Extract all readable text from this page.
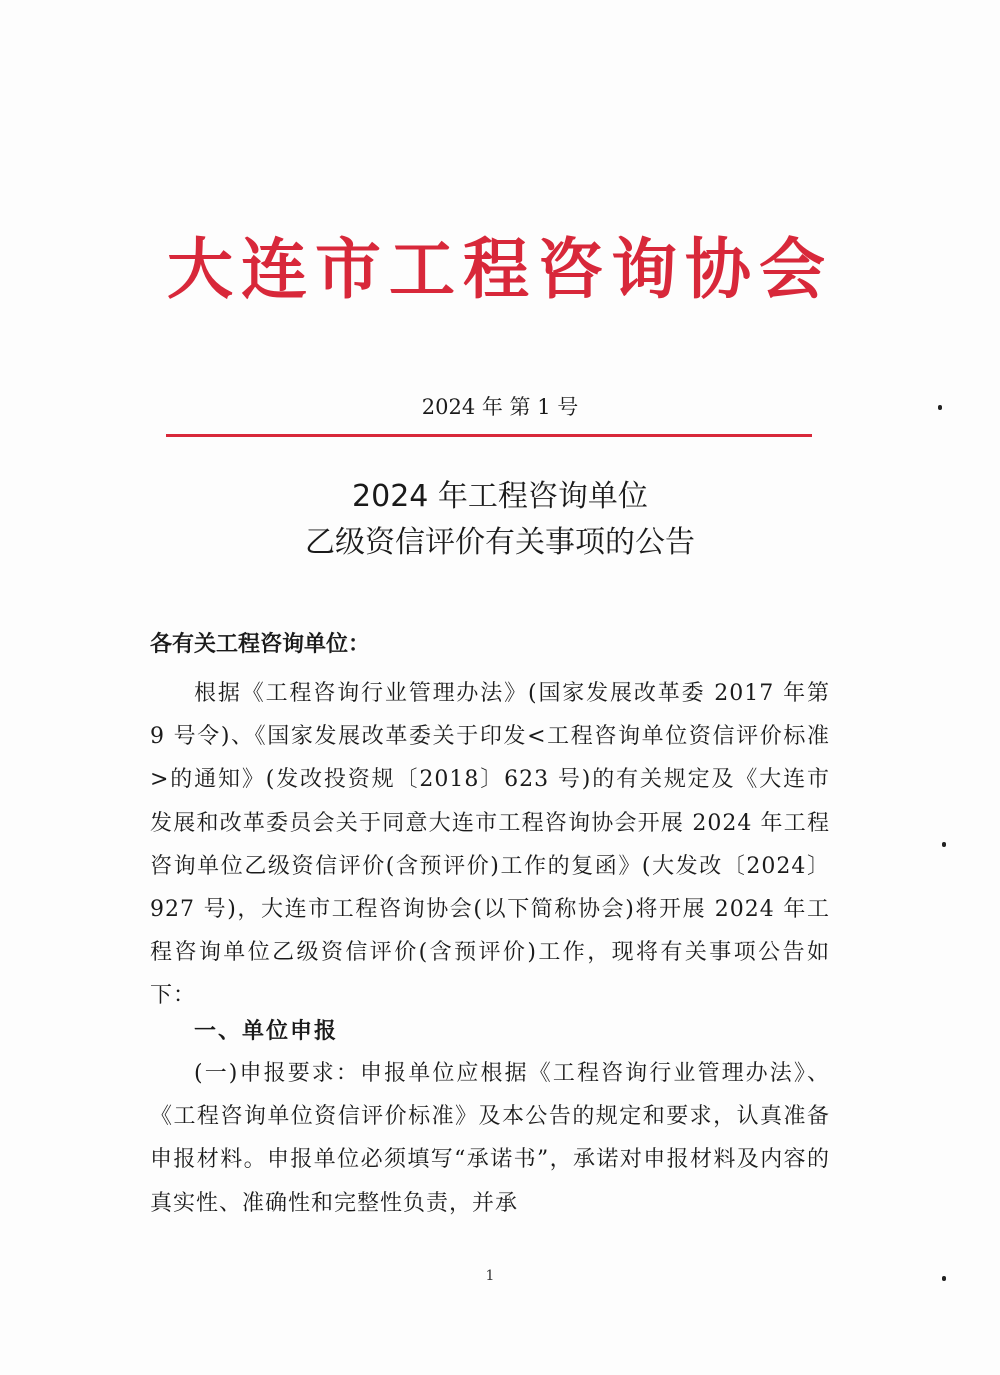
大连市工程咨询协会
2024 年 第 1 号
2024 年工程咨询单位
乙级资信评价有关事项的公告
各有关工程咨询单位：
根据《工程咨询行业管理办法》(国家发展改革委 2017 年第 9 号令)、《国家发展改革委关于印发<工程咨询单位资信评价标准>的通知》(发改投资规〔2018〕623 号)的有关规定及《大连市发展和改革委员会关于同意大连市工程咨询协会开展 2024 年工程咨询单位乙级资信评价(含预评价)工作的复函》(大发改〔2024〕927 号)，大连市工程咨询协会(以下简称协会)将开展 2024 年工程咨询单位乙级资信评价(含预评价)工作，现将有关事项公告如下：
一、单位申报
(一)申报要求：申报单位应根据《工程咨询行业管理办法》、《工程咨询单位资信评价标准》及本公告的规定和要求，认真准备申报材料。申报单位必须填写“承诺书”，承诺对申报材料及内容的真实性、准确性和完整性负责，并承
1
